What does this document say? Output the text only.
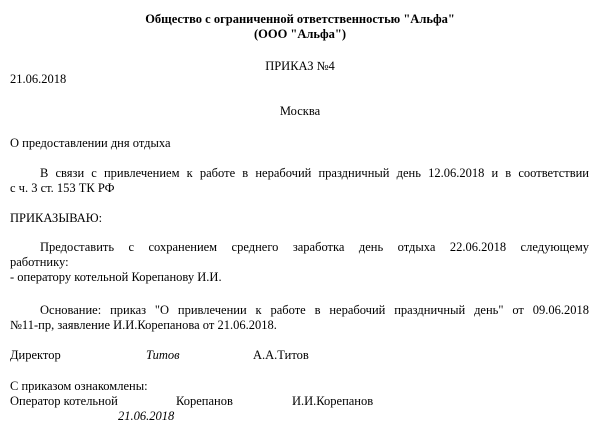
Общество с ограниченной ответственностью "Альфа"
(ООО "Альфа")
ПРИКАЗ №4
21.06.2018
Москва
О предоставлении дня отдыха
В связи с привлечением к работе в нерабочий праздничный день 12.06.2018 и в соответствии
с ч. 3 ст. 153 ТК РФ
ПРИКАЗЫВАЮ:
Предоставить с сохранением среднего заработка день отдыха 22.06.2018 следующему
работнику:
- оператору котельной Корепанову И.И.
Основание: приказ "О привлечении к работе в нерабочий праздничный день" от 09.06.2018
№11-пр, заявление И.И.Корепанова от 21.06.2018.
Директор	Титов	А.А.Титов
С приказом ознакомлены:
Оператор котельной	Корепанов	И.И.Корепанов
21.06.2018
